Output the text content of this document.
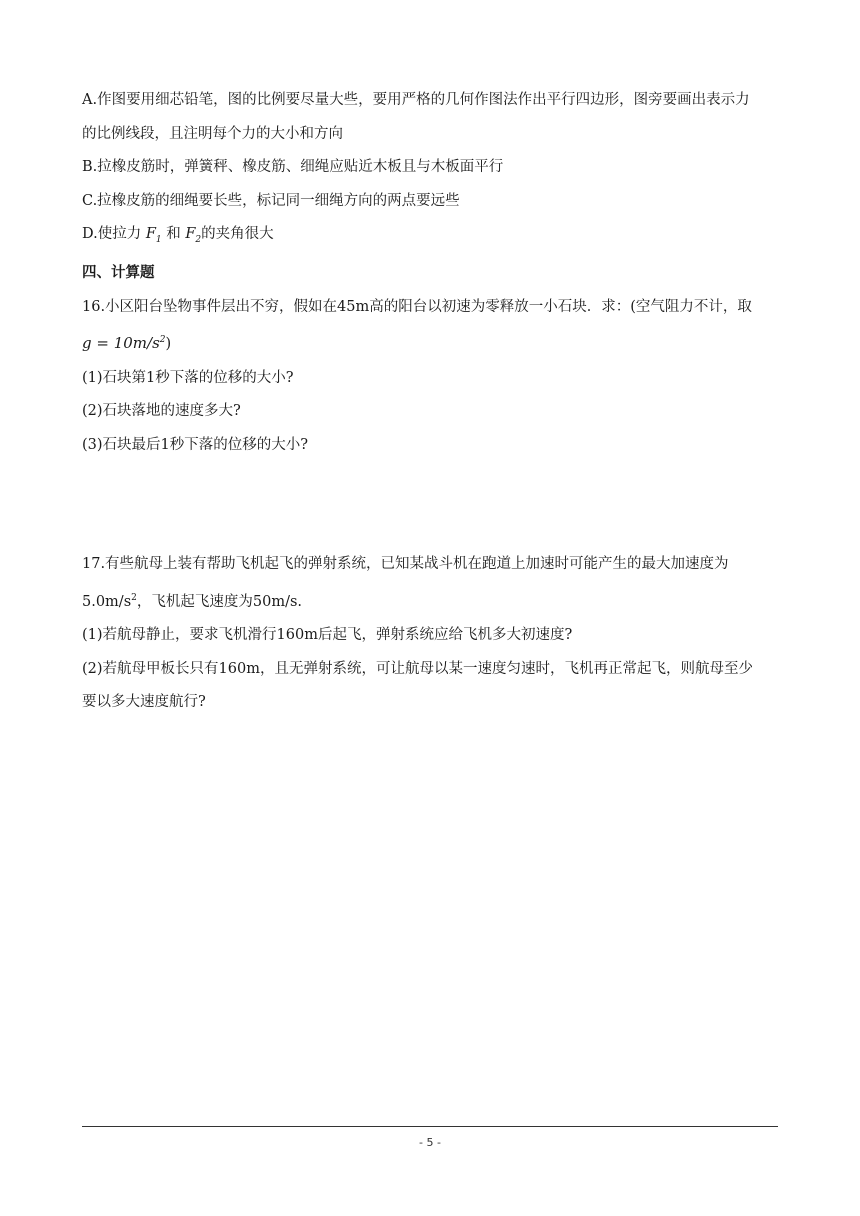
A.作图要用细芯铅笔，图的比例要尽量大些，要用严格的几何作图法作出平行四边形，图旁要画出表示力
的比例线段，且注明每个力的大小和方向
B.拉橡皮筋时，弹簧秤、橡皮筋、细绳应贴近木板且与木板面平行
C.拉橡皮筋的细绳要长些，标记同一细绳方向的两点要远些
D.使拉力 $F_1$ 和 $F_2$的夹角很大
四、计算题
16.小区阳台坠物事件层出不穷，假如在45m高的阳台以初速为零释放一小石块．求：(空气阻力不计，取
$g = 10m/s^2$)
(1)石块第1秒下落的位移的大小?
(2)石块落地的速度多大?
(3)石块最后1秒下落的位移的大小?
17.有些航母上装有帮助飞机起飞的弹射系统，已知某战斗机在跑道上加速时可能产生的最大加速度为
$5.0m/s^2$，飞机起飞速度为50m/s.
(1)若航母静止，要求飞机滑行160m后起飞，弹射系统应给飞机多大初速度?
(2)若航母甲板长只有160m，且无弹射系统，可让航母以某一速度匀速时，飞机再正常起飞，则航母至少
要以多大速度航行?
- 5 -
